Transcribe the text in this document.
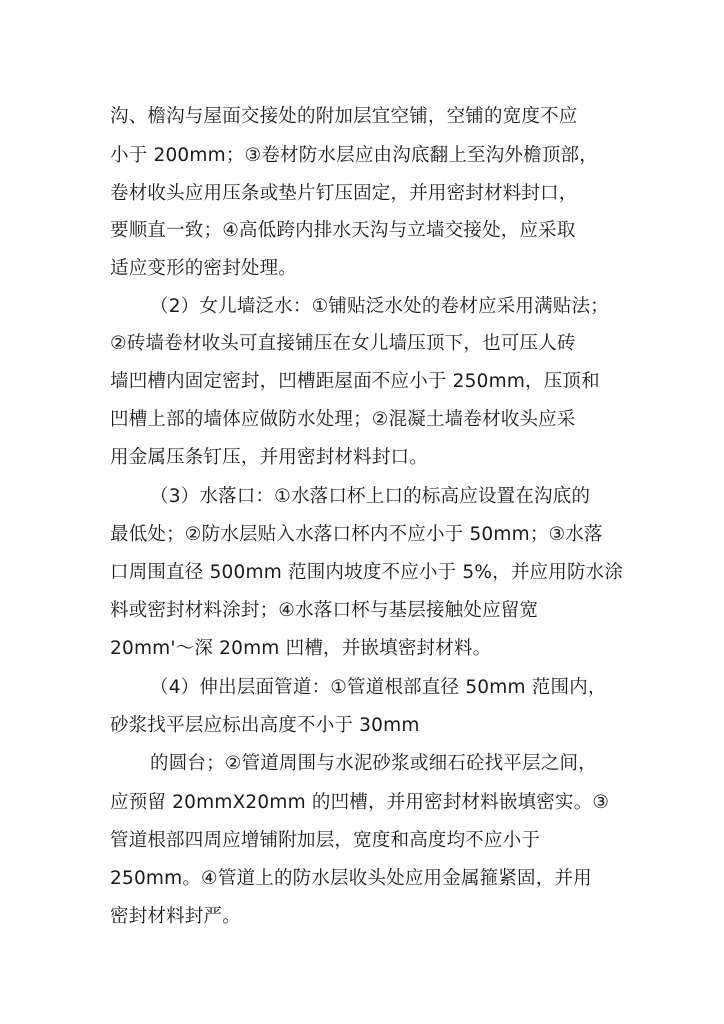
沟、檐沟与屋面交接处的附加层宜空铺，空铺的宽度不应
小于 200mm；③卷材防水层应由沟底翻上至沟外檐顶部，
卷材收头应用压条或垫片钉压固定，并用密封材料封口，
要顺直一致；④高低跨内排水天沟与立墙交接处，应采取
适应变形的密封处理。
（2）女儿墙泛水：①铺贴泛水处的卷材应采用满贴法；
②砖墙卷材收头可直接铺压在女儿墙压顶下，也可压人砖
墙凹槽内固定密封，凹槽距屋面不应小于 250mm，压顶和
凹槽上部的墙体应做防水处理；②混凝土墙卷材收头应采
用金属压条钉压，并用密封材料封口。
（3）水落口：①水落口杯上口的标高应设置在沟底的
最低处；②防水层贴入水落口杯内不应小于 50mm；③水落
口周围直径 500mm 范围内坡度不应小于 5%，并应用防水涂
料或密封材料涂封；④水落口杯与基层接触处应留宽
20mm'～深 20mm 凹槽，并嵌填密封材料。
（4）伸出层面管道：①管道根部直径 50mm 范围内，
砂浆找平层应标出高度不小于 30mm
的圆台；②管道周围与水泥砂浆或细石砼找平层之间，
应预留 20mmX20mm 的凹槽，并用密封材料嵌填密实。③
管道根部四周应增铺附加层，宽度和高度均不应小于
250mm。④管道上的防水层收头处应用金属箍紧固，并用
密封材料封严。
